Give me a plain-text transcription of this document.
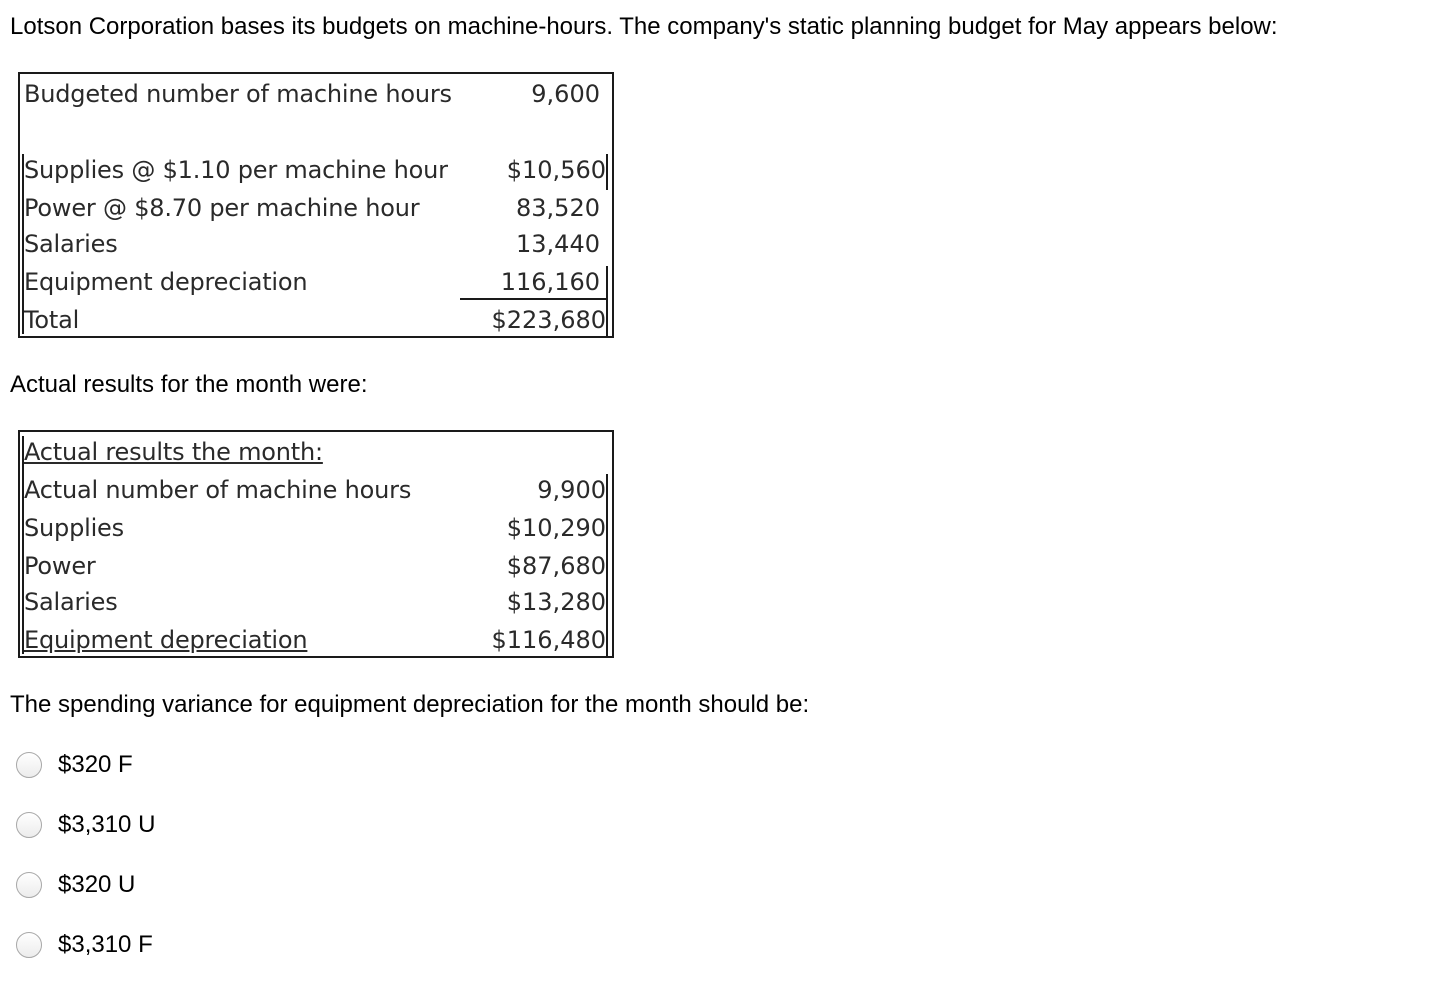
Lotson Corporation bases its budgets on machine-hours. The company's static planning budget for May appears below:
Budgeted number of machine hours	9,600
Supplies @ $1.10 per machine hour $10,560
Power @ $8.70 per machine hour	83,520
Salaries	13,440
Equipment depreciation	116,160
Total	$223,680
Actual results for the month were:
Actual results the month:
Actual number of machine hours	9,900
Supplies	$10,290
Power	$87,680
Salaries	$13,280
Equipment depreciation	$116,480
The spending variance for equipment depreciation for the month should be:
$320 F
$3,310 U
$320 U
$3,310 F
